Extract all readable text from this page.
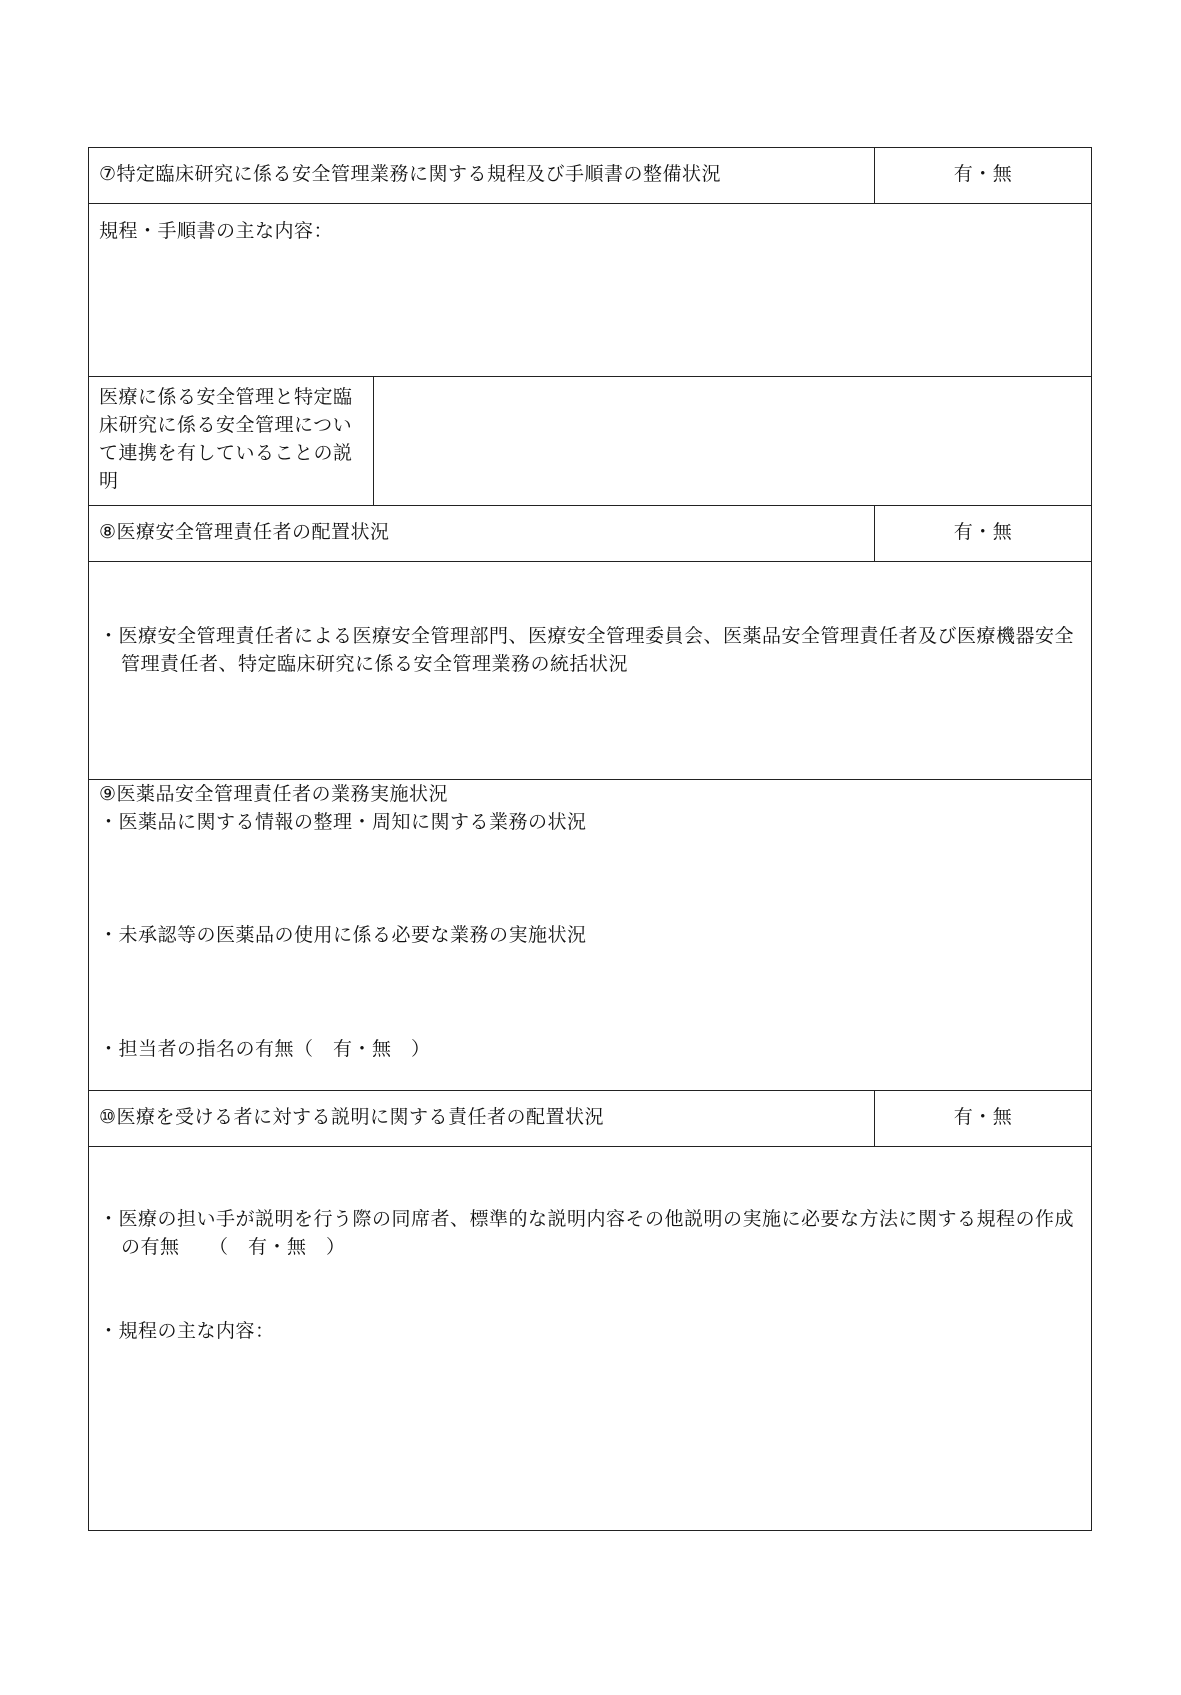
⑦特定臨床研究に係る安全管理業務に関する規程及び手順書の整備状況	有・無
規程・手順書の主な内容：
医療に係る安全管理と特定臨床研究に係る安全管理について連携を有していることの説明
⑧医療安全管理責任者の配置状況	有・無

・医療安全管理責任者による医療安全管理部門、医療安全管理委員会、医薬品安全管理責任者及び医療機器安全管理責任者、特定臨床研究に係る安全管理業務の統括状況

⑨医薬品安全管理責任者の業務実施状況
・医薬品に関する情報の整理・周知に関する業務の状況
・未承認等の医薬品の使用に係る必要な業務の実施状況
・担当者の指名の有無（　有・無　）
⑩医療を受ける者に対する説明に関する責任者の配置状況	有・無

・医療の担い手が説明を行う際の同席者、標準的な説明内容その他説明の実施に必要な方法に関する規程の作成の有無　　（　有・無　）

・規程の主な内容：
